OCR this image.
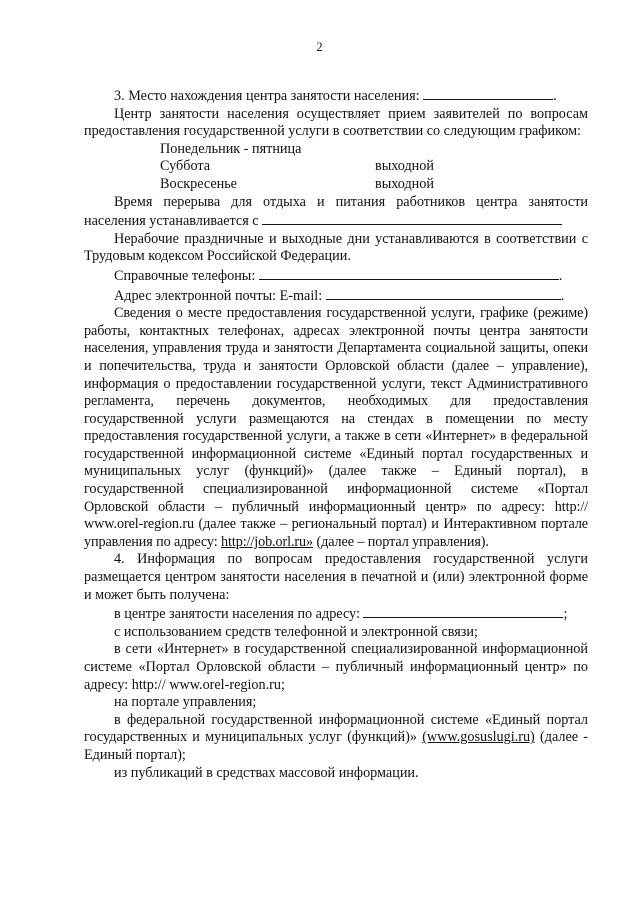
2

3. Место нахождения центра занятости населения:	.

Центр занятости населения осуществляет прием заявителей по вопросам предоставления государственной услуги в соответствии со следующим графиком:

Понедельник - пятница
Суббота	выходной
Воскресенье	выходной

Время перерыва для отдыха и питания работников центра занятости населения устанавливается с

Нерабочие праздничные и выходные дни устанавливаются в соответствии с Трудовым кодексом Российской Федерации.

Справочные телефоны:	.

Адрес электронной почты: E-mail:	.

Сведения о месте предоставления государственной услуги, графике (режиме) работы, контактных телефонах, адресах электронной почты центра занятости населения, управления труда и занятости Департамента социальной защиты, опеки и попечительства, труда и занятости Орловской области (далее – управление), информация о предоставлении государственной услуги, текст Административного регламента, перечень документов, необходимых для предоставления государственной услуги размещаются на стендах в помещении по месту предоставления государственной услуги, а также в сети «Интернет» в федеральной государственной информационной системе «Единый портал государственных и муниципальных услуг (функций)» (далее также – Единый портал), в государственной специализированной информационной системе «Портал Орловской области – публичный информационный центр» по адресу: http:// www.orel-region.ru (далее также – региональный портал) и Интерактивном портале управления по адресу: http://job.orl.ru» (далее – портал управления).

4. Информация по вопросам предоставления государственной услуги размещается центром занятости населения в печатной и (или) электронной форме и может быть получена:

в центре занятости населения по адресу:	;

с использованием средств телефонной и электронной связи;

в сети «Интернет» в государственной специализированной информационной системе «Портал Орловской области – публичный информационный центр» по адресу: http:// www.orel-region.ru;

на портале управления;

в федеральной государственной информационной системе «Единый портал государственных и муниципальных услуг (функций)» (www.gosuslugi.ru) (далее - Единый портал);

из публикаций в средствах массовой информации.
